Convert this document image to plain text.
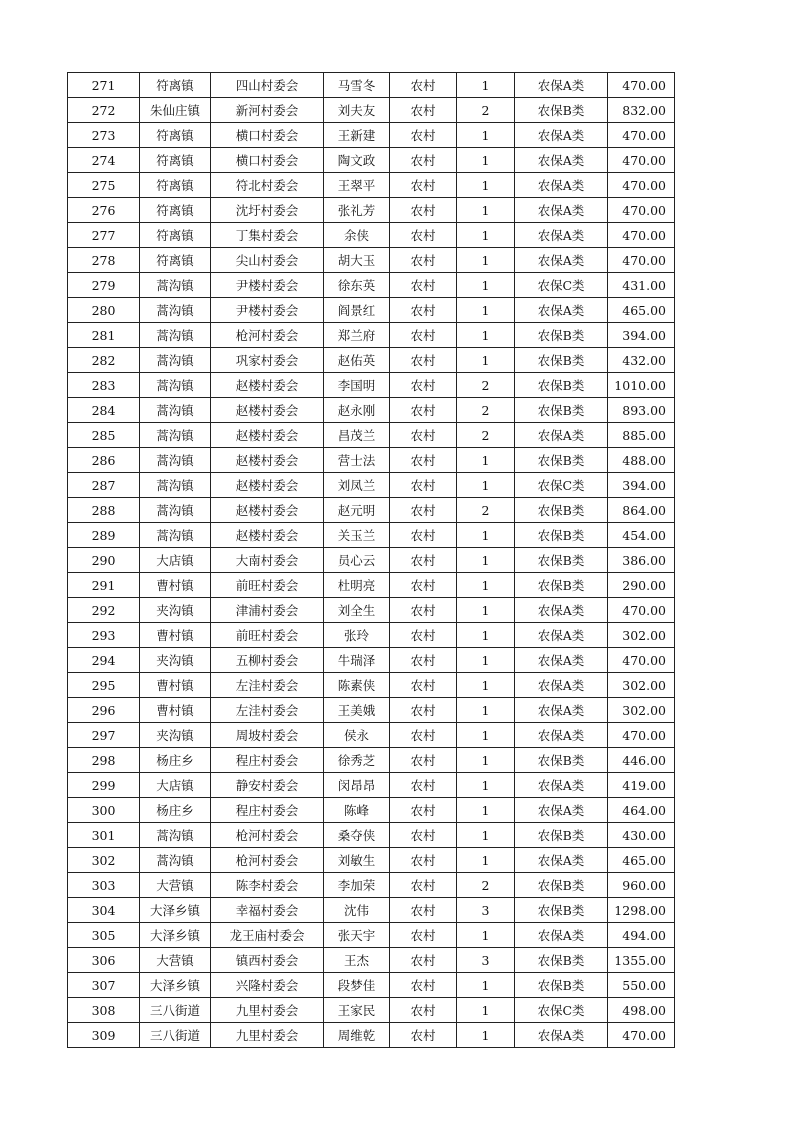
271	符离镇	四山村委会	马雪冬	农村	1	农保A类	470.00
272	朱仙庄镇	新河村委会	刘夫友	农村	2	农保B类	832.00
273	符离镇	横口村委会	王新建	农村	1	农保A类	470.00
274	符离镇	横口村委会	陶文政	农村	1	农保A类	470.00
275	符离镇	符北村委会	王翠平	农村	1	农保A类	470.00
276	符离镇	沈圩村委会	张礼芳	农村	1	农保A类	470.00
277	符离镇	丁集村委会	余侠	农村	1	农保A类	470.00
278	符离镇	尖山村委会	胡大玉	农村	1	农保A类	470.00
279	蒿沟镇	尹楼村委会	徐东英	农村	1	农保C类	431.00
280	蒿沟镇	尹楼村委会	阎景红	农村	1	农保A类	465.00
281	蒿沟镇	枪河村委会	郑兰府	农村	1	农保B类	394.00
282	蒿沟镇	巩家村委会	赵佑英	农村	1	农保B类	432.00
283	蒿沟镇	赵楼村委会	李国明	农村	2	农保B类	1010.00
284	蒿沟镇	赵楼村委会	赵永刚	农村	2	农保B类	893.00
285	蒿沟镇	赵楼村委会	昌茂兰	农村	2	农保A类	885.00
286	蒿沟镇	赵楼村委会	营士法	农村	1	农保B类	488.00
287	蒿沟镇	赵楼村委会	刘凤兰	农村	1	农保C类	394.00
288	蒿沟镇	赵楼村委会	赵元明	农村	2	农保B类	864.00
289	蒿沟镇	赵楼村委会	关玉兰	农村	1	农保B类	454.00
290	大店镇	大南村委会	员心云	农村	1	农保B类	386.00
291	曹村镇	前旺村委会	杜明亮	农村	1	农保B类	290.00
292	夹沟镇	津浦村委会	刘全生	农村	1	农保A类	470.00
293	曹村镇	前旺村委会	张玲	农村	1	农保A类	302.00
294	夹沟镇	五柳村委会	牛瑞泽	农村	1	农保A类	470.00
295	曹村镇	左洼村委会	陈素侠	农村	1	农保A类	302.00
296	曹村镇	左洼村委会	王美娥	农村	1	农保A类	302.00
297	夹沟镇	周坡村委会	侯永	农村	1	农保A类	470.00
298	杨庄乡	程庄村委会	徐秀芝	农村	1	农保B类	446.00
299	大店镇	静安村委会	闵昂昂	农村	1	农保A类	419.00
300	杨庄乡	程庄村委会	陈峰	农村	1	农保A类	464.00
301	蒿沟镇	枪河村委会	桑夺侠	农村	1	农保B类	430.00
302	蒿沟镇	枪河村委会	刘敏生	农村	1	农保A类	465.00
303	大营镇	陈李村委会	李加荣	农村	2	农保B类	960.00
304	大泽乡镇	幸福村委会	沈伟	农村	3	农保B类	1298.00
305	大泽乡镇	龙王庙村委会	张天宇	农村	1	农保A类	494.00
306	大营镇	镇西村委会	王杰	农村	3	农保B类	1355.00
307	大泽乡镇	兴隆村委会	段梦佳	农村	1	农保B类	550.00
308	三八街道	九里村委会	王家民	农村	1	农保C类	498.00
309	三八街道	九里村委会	周维乾	农村	1	农保A类	470.00
